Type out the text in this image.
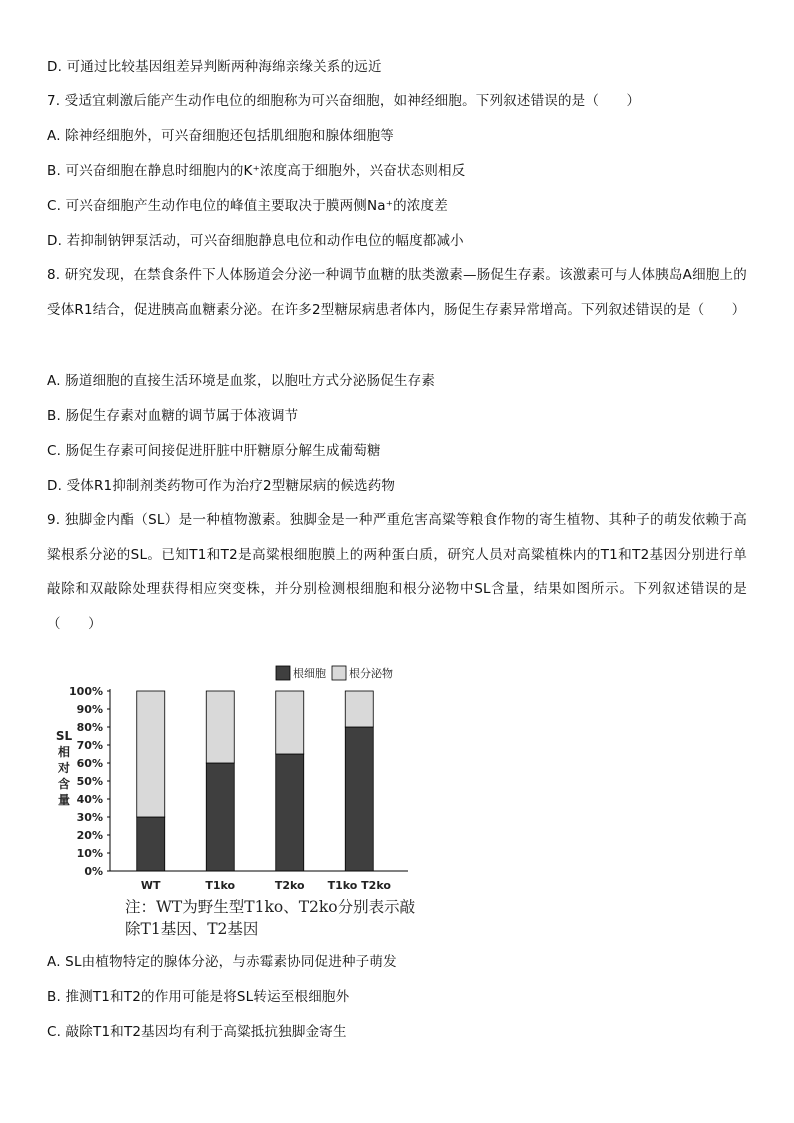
D. 可通过比较基因组差异判断两种海绵亲缘关系的远近
7. 受适宜刺激后能产生动作电位的细胞称为可兴奋细胞，如神经细胞。下列叙述错误的是（　　）
A. 除神经细胞外，可兴奋细胞还包括肌细胞和腺体细胞等
B. 可兴奋细胞在静息时细胞内的K⁺浓度高于细胞外，兴奋状态则相反
C. 可兴奋细胞产生动作电位的峰值主要取决于膜两侧Na⁺的浓度差
D. 若抑制钠钾泵活动，可兴奋细胞静息电位和动作电位的幅度都减小
8. 研究发现，在禁食条件下人体肠道会分泌一种调节血糖的肽类激素—肠促生存素。该激素可与人体胰岛A细胞上的受体R1结合，促进胰高血糖素分泌。在许多2型糖尿病患者体内，肠促生存素异常增高。下列叙述错误的是（　　）
A. 肠道细胞的直接生活环境是血浆，以胞吐方式分泌肠促生存素
B. 肠促生存素对血糖的调节属于体液调节
C. 肠促生存素可间接促进肝脏中肝糖原分解生成葡萄糖
D. 受体R1抑制剂类药物可作为治疗2型糖尿病的候选药物
9. 独脚金内酯（SL）是一种植物激素。独脚金是一种严重危害高粱等粮食作物的寄生植物、其种子的萌发依赖于高粱根系分泌的SL。已知T1和T2是高粱根细胞膜上的两种蛋白质，研究人员对高粱植株内的T1和T2基因分别进行单敲除和双敲除处理获得相应突变株，并分别检测根细胞和根分泌物中SL含量，结果如图所示。下列叙述错误的是（　　）
0%
10%
20%
30%
40%
50%
60%
70%
80%
90%
100%
SL
相
对
含
量
WT	T1ko	T2ko T1ko T2ko
根细胞 根分泌物
注：WT为野生型T1ko、T2ko分别表示敲除T1基因、T2基因
A. SL由植物特定的腺体分泌，与赤霉素协同促进种子萌发
B. 推测T1和T2的作用可能是将SL转运至根细胞外
C. 敲除T1和T2基因均有利于高粱抵抗独脚金寄生
